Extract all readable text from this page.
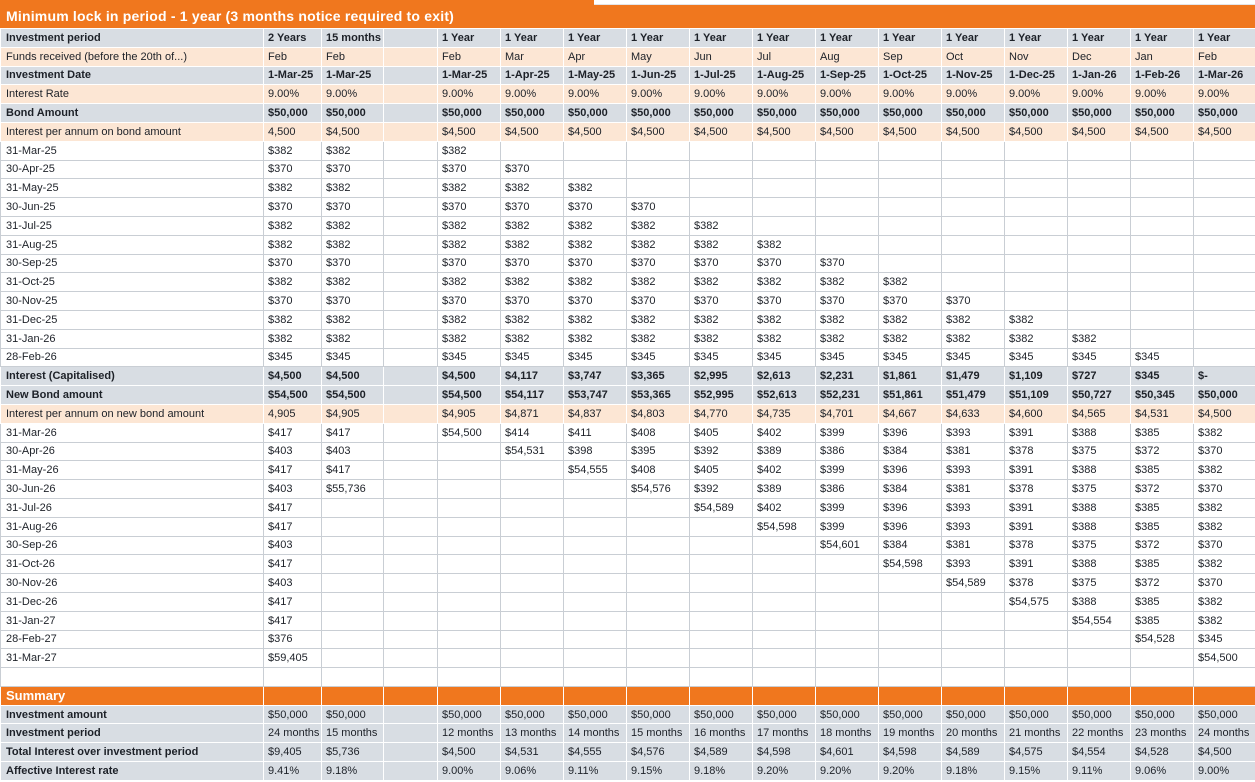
Minimum lock in period - 1 year (3 months notice required to exit)
Investment period	2 Years	15 months		1 Year	1 Year	1 Year	1 Year	1 Year	1 Year	1 Year	1 Year	1 Year	1 Year	1 Year	1 Year	1 Year
Funds received (before the 20th of...)	Feb	Feb		Feb	Mar	Apr	May	Jun	Jul	Aug	Sep	Oct	Nov	Dec	Jan	Feb
Investment Date	1-Mar-25	1-Mar-25		1-Mar-25	1-Apr-25	1-May-25	1-Jun-25	1-Jul-25	1-Aug-25	1-Sep-25	1-Oct-25	1-Nov-25	1-Dec-25	1-Jan-26	1-Feb-26	1-Mar-26
Interest Rate	9.00%	9.00%		9.00%	9.00%	9.00%	9.00%	9.00%	9.00%	9.00%	9.00%	9.00%	9.00%	9.00%	9.00%	9.00%
Bond Amount	$50,000	$50,000		$50,000	$50,000	$50,000	$50,000	$50,000	$50,000	$50,000	$50,000	$50,000	$50,000	$50,000	$50,000	$50,000
Interest per annum on bond amount	4,500	$4,500		$4,500	$4,500	$4,500	$4,500	$4,500	$4,500	$4,500	$4,500	$4,500	$4,500	$4,500	$4,500	$4,500
31-Mar-25	$382	$382		$382												
30-Apr-25	$370	$370		$370	$370											
31-May-25	$382	$382		$382	$382	$382										
30-Jun-25	$370	$370		$370	$370	$370	$370									
31-Jul-25	$382	$382		$382	$382	$382	$382	$382								
31-Aug-25	$382	$382		$382	$382	$382	$382	$382	$382							
30-Sep-25	$370	$370		$370	$370	$370	$370	$370	$370	$370						
31-Oct-25	$382	$382		$382	$382	$382	$382	$382	$382	$382	$382					
30-Nov-25	$370	$370		$370	$370	$370	$370	$370	$370	$370	$370	$370				
31-Dec-25	$382	$382		$382	$382	$382	$382	$382	$382	$382	$382	$382	$382			
31-Jan-26	$382	$382		$382	$382	$382	$382	$382	$382	$382	$382	$382	$382	$382		
28-Feb-26	$345	$345		$345	$345	$345	$345	$345	$345	$345	$345	$345	$345	$345	$345	
Interest (Capitalised)	$4,500	$4,500		$4,500	$4,117	$3,747	$3,365	$2,995	$2,613	$2,231	$1,861	$1,479	$1,109	$727	$345	$-
New Bond amount	$54,500	$54,500		$54,500	$54,117	$53,747	$53,365	$52,995	$52,613	$52,231	$51,861	$51,479	$51,109	$50,727	$50,345	$50,000
Interest per annum on new bond amount	4,905	$4,905		$4,905	$4,871	$4,837	$4,803	$4,770	$4,735	$4,701	$4,667	$4,633	$4,600	$4,565	$4,531	$4,500
31-Mar-26	$417	$417		$54,500	$414	$411	$408	$405	$402	$399	$396	$393	$391	$388	$385	$382
30-Apr-26	$403	$403			$54,531	$398	$395	$392	$389	$386	$384	$381	$378	$375	$372	$370
31-May-26	$417	$417				$54,555	$408	$405	$402	$399	$396	$393	$391	$388	$385	$382
30-Jun-26	$403	$55,736					$54,576	$392	$389	$386	$384	$381	$378	$375	$372	$370
31-Jul-26	$417							$54,589	$402	$399	$396	$393	$391	$388	$385	$382
31-Aug-26	$417								$54,598	$399	$396	$393	$391	$388	$385	$382
30-Sep-26	$403									$54,601	$384	$381	$378	$375	$372	$370
31-Oct-26	$417										$54,598	$393	$391	$388	$385	$382
30-Nov-26	$403											$54,589	$378	$375	$372	$370
31-Dec-26	$417												$54,575	$388	$385	$382
31-Jan-27	$417													$54,554	$385	$382
28-Feb-27	$376														$54,528	$345
31-Mar-27	$59,405															$54,500

Summary																
Investment amount	$50,000	$50,000		$50,000	$50,000	$50,000	$50,000	$50,000	$50,000	$50,000	$50,000	$50,000	$50,000	$50,000	$50,000	$50,000
Investment period	24 months	15 months		12 months	13 months	14 months	15 months	16 months	17 months	18 months	19 months	20 months	21 months	22 months	23 months	24 months
Total Interest over investment period	$9,405	$5,736		$4,500	$4,531	$4,555	$4,576	$4,589	$4,598	$4,601	$4,598	$4,589	$4,575	$4,554	$4,528	$4,500
Affective Interest rate	9.41%	9.18%		9.00%	9.06%	9.11%	9.15%	9.18%	9.20%	9.20%	9.20%	9.18%	9.15%	9.11%	9.06%	9.00%
